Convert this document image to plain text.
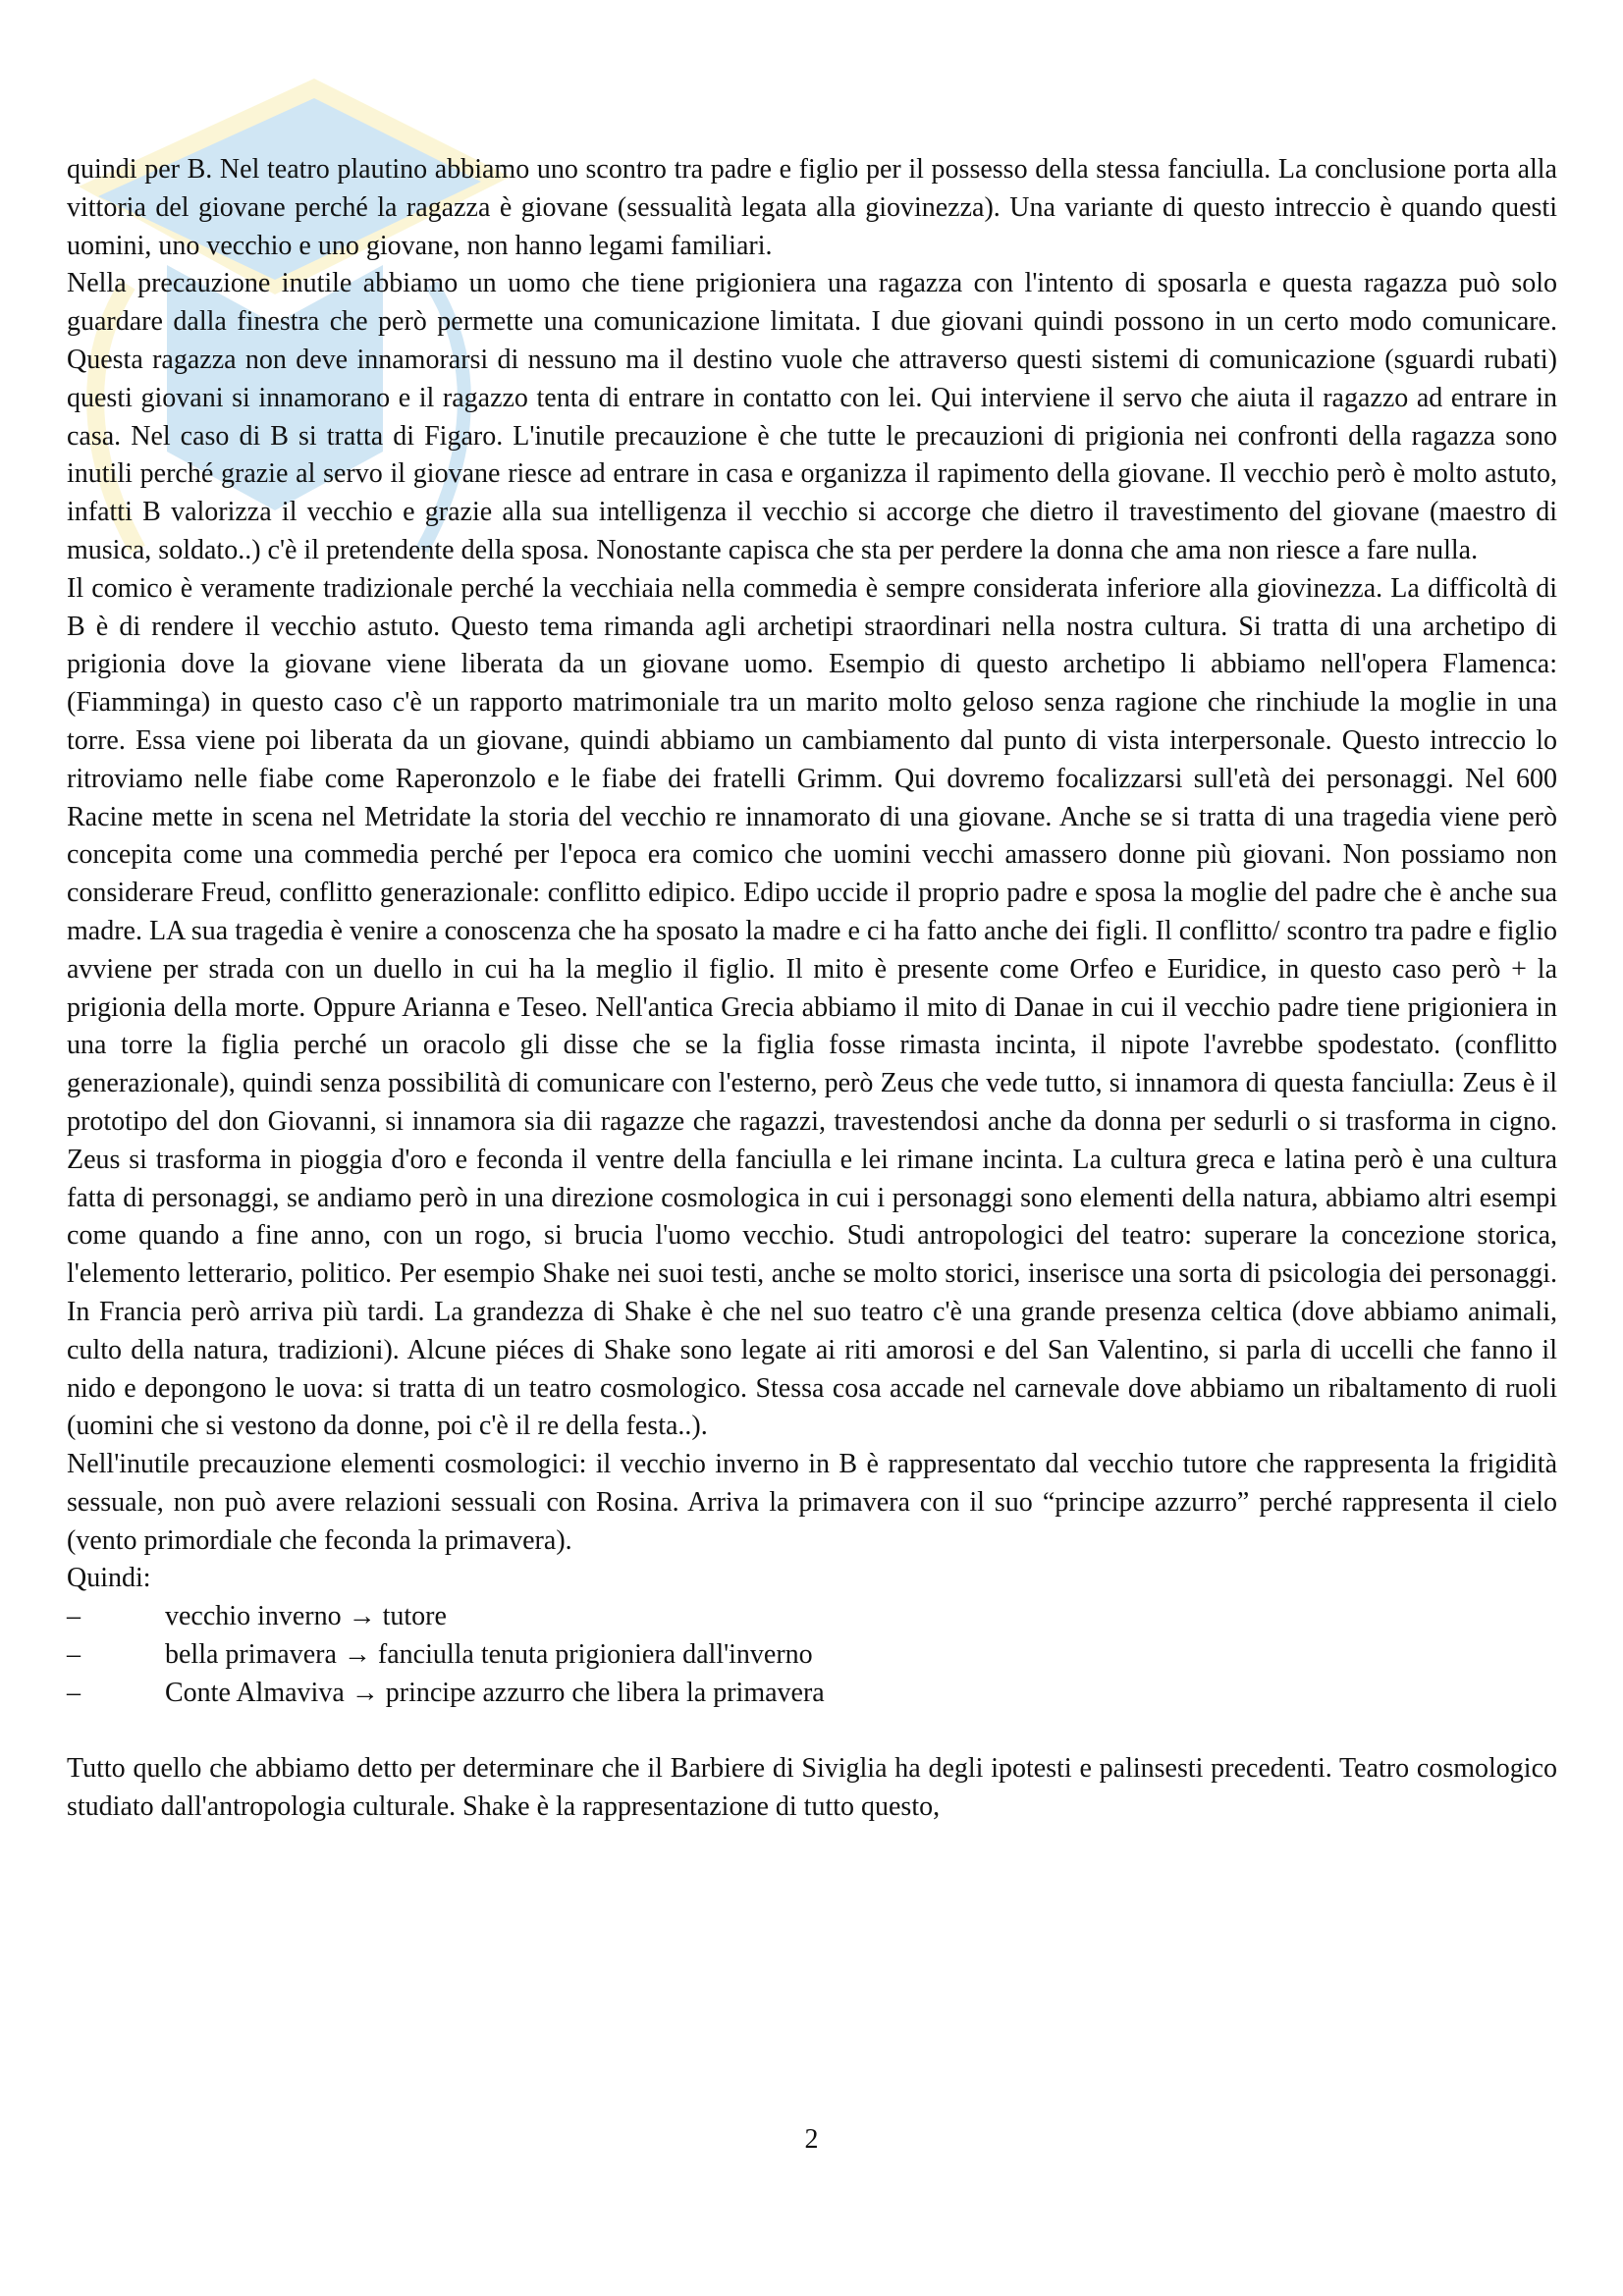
quindi per B. Nel teatro plautino abbiamo uno scontro tra padre e figlio per il possesso della stessa fanciulla. La conclusione porta alla vittoria del giovane perché la ragazza è giovane (sessualità legata alla giovinezza). Una variante di questo intreccio è quando questi uomini, uno vecchio e uno giovane, non hanno legami familiari.

Nella precauzione inutile abbiamo un uomo che tiene prigioniera una ragazza con l'intento di sposarla e questa ragazza può solo guardare dalla finestra che però permette una comunicazione limitata. I due giovani quindi possono in un certo modo comunicare. Questa ragazza non deve innamorarsi di nessuno ma il destino vuole che attraverso questi sistemi di comunicazione (sguardi rubati) questi giovani si innamorano e il ragazzo tenta di entrare in contatto con lei. Qui interviene il servo che aiuta il ragazzo ad entrare in casa. Nel caso di B si tratta di Figaro. L'inutile precauzione è che tutte le precauzioni di prigionia nei confronti della ragazza sono inutili perché grazie al servo il giovane riesce ad entrare in casa e organizza il rapimento della giovane. Il vecchio però è molto astuto, infatti B valorizza il vecchio e grazie alla sua intelligenza il vecchio si accorge che dietro il travestimento del giovane (maestro di musica, soldato..) c'è il pretendente della sposa. Nonostante capisca che sta per perdere la donna che ama non riesce a fare nulla.

Il comico è veramente tradizionale perché la vecchiaia nella commedia è sempre considerata inferiore alla giovinezza. La difficoltà di B è di rendere il vecchio astuto. Questo tema rimanda agli archetipi straordinari nella nostra cultura. Si tratta di una archetipo di prigionia dove la giovane viene liberata da un giovane uomo. Esempio di questo archetipo li abbiamo nell'opera Flamenca: (Fiamminga) in questo caso c'è un rapporto matrimoniale tra un marito molto geloso senza ragione che rinchiude la moglie in una torre. Essa viene poi liberata da un giovane, quindi abbiamo un cambiamento dal punto di vista interpersonale. Questo intreccio lo ritroviamo nelle fiabe come Raperonzolo e le fiabe dei fratelli Grimm. Qui dovremo focalizzarsi sull'età dei personaggi. Nel 600 Racine mette in scena nel Metridate la storia del vecchio re innamorato di una giovane. Anche se si tratta di una tragedia viene però concepita come una commedia perché per l'epoca era comico che uomini vecchi amassero donne più giovani. Non possiamo non considerare Freud, conflitto generazionale: conflitto edipico. Edipo uccide il proprio padre e sposa la moglie del padre che è anche sua madre. LA sua tragedia è venire a conoscenza che ha sposato la madre e ci ha fatto anche dei figli. Il conflitto/ scontro tra padre e figlio avviene per strada con un duello in cui ha la meglio il figlio. Il mito è presente come Orfeo e Euridice, in questo caso però + la prigionia della morte. Oppure Arianna e Teseo. Nell'antica Grecia abbiamo il mito di Danae in cui il vecchio padre tiene prigioniera in una torre la figlia perché un oracolo gli disse che se la figlia fosse rimasta incinta, il nipote l'avrebbe spodestato. (conflitto generazionale), quindi senza possibilità di comunicare con l'esterno, però Zeus che vede tutto, si innamora di questa fanciulla: Zeus è il prototipo del don Giovanni, si innamora sia dii ragazze che ragazzi, travestendosi anche da donna per sedurli o si trasforma in cigno. Zeus si trasforma in pioggia d'oro e feconda il ventre della fanciulla e lei rimane incinta. La cultura greca e latina però è una cultura fatta di personaggi, se andiamo però in una direzione cosmologica in cui i personaggi sono elementi della natura, abbiamo altri esempi come quando a fine anno, con un rogo, si brucia l'uomo vecchio. Studi antropologici del teatro: superare la concezione storica, l'elemento letterario, politico. Per esempio Shake nei suoi testi, anche se molto storici, inserisce una sorta di psicologia dei personaggi. In Francia però arriva più tardi. La grandezza di Shake è che nel suo teatro c'è una grande presenza celtica (dove abbiamo animali, culto della natura, tradizioni). Alcune piéces di Shake sono legate ai riti amorosi e del San Valentino, si parla di uccelli che fanno il nido e depongono le uova: si tratta di un teatro cosmologico. Stessa cosa accade nel carnevale dove abbiamo un ribaltamento di ruoli (uomini che si vestono da donne, poi c'è il re della festa..).

Nell'inutile precauzione elementi cosmologici: il vecchio inverno in B è rappresentato dal vecchio tutore che rappresenta la frigidità sessuale, non può avere relazioni sessuali con Rosina. Arriva la primavera con il suo “principe azzurro” perché rappresenta il cielo (vento primordiale che feconda la primavera).

Quindi:

–	vecchio inverno → tutore
–	bella primavera → fanciulla tenuta prigioniera dall'inverno
–	Conte Almaviva → principe azzurro che libera la primavera

Tutto quello che abbiamo detto per determinare che il Barbiere di Siviglia ha degli ipotesti e palinsesti precedenti. Teatro cosmologico studiato dall'antropologia culturale. Shake è la rappresentazione di tutto questo,

2
